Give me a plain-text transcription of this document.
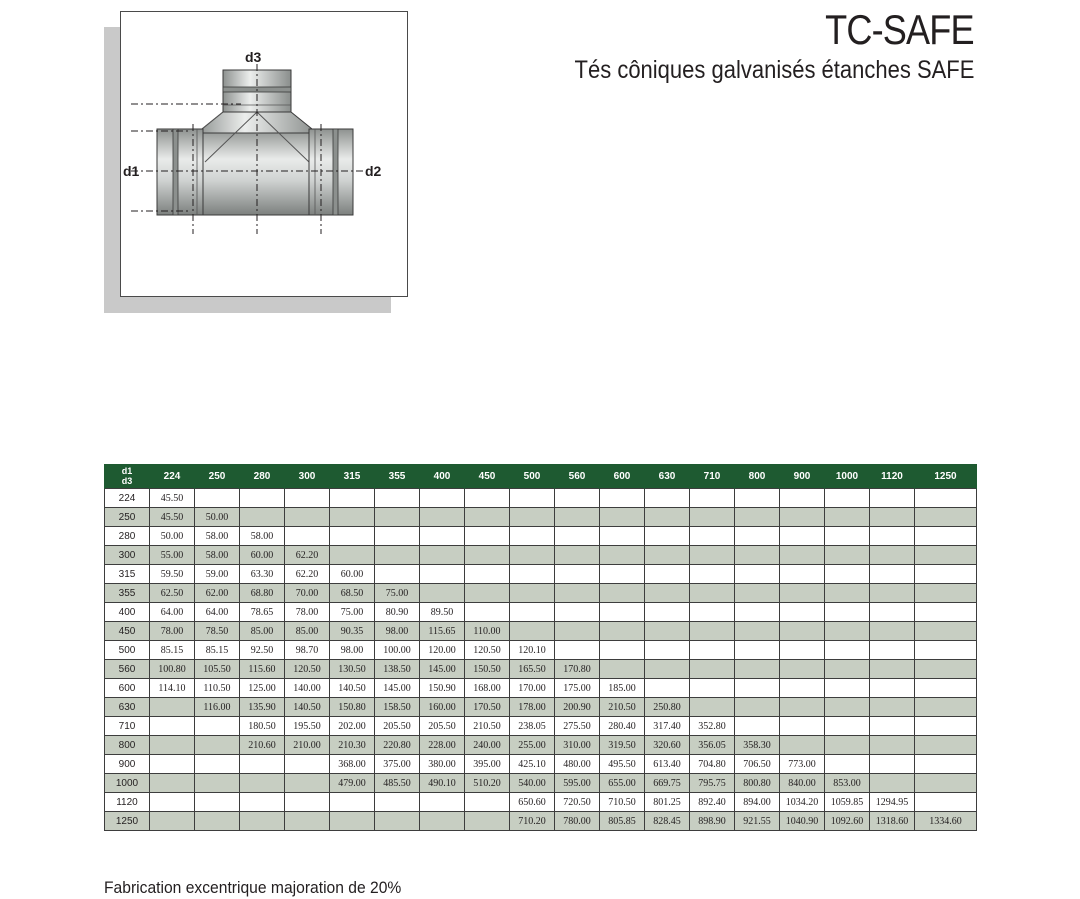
d3
d1	d2
TC-SAFE
Tés côniques galvanisés étanches SAFE
d1
d3	224	250	280	300	315	355	400	450	500	560	600	630	710	800	900	1000	1120	1250
224	45.50																	
250	45.50	50.00																
280	50.00	58.00	58.00															
300	55.00	58.00	60.00	62.20														
315	59.50	59.00	63.30	62.20	60.00													
355	62.50	62.00	68.80	70.00	68.50	75.00												
400	64.00	64.00	78.65	78.00	75.00	80.90	89.50											
450	78.00	78.50	85.00	85.00	90.35	98.00	115.65	110.00										
500	85.15	85.15	92.50	98.70	98.00	100.00	120.00	120.50	120.10									
560	100.80	105.50	115.60	120.50	130.50	138.50	145.00	150.50	165.50	170.80								
600	114.10	110.50	125.00	140.00	140.50	145.00	150.90	168.00	170.00	175.00	185.00							
630		116.00	135.90	140.50	150.80	158.50	160.00	170.50	178.00	200.90	210.50	250.80						
710			180.50	195.50	202.00	205.50	205.50	210.50	238.05	275.50	280.40	317.40	352.80					
800			210.60	210.00	210.30	220.80	228.00	240.00	255.00	310.00	319.50	320.60	356.05	358.30				
900					368.00	375.00	380.00	395.00	425.10	480.00	495.50	613.40	704.80	706.50	773.00			
1000					479.00	485.50	490.10	510.20	540.00	595.00	655.00	669.75	795.75	800.80	840.00	853.00		
1120									650.60	720.50	710.50	801.25	892.40	894.00	1034.20	1059.85	1294.95	
1250									710.20	780.00	805.85	828.45	898.90	921.55	1040.90	1092.60	1318.60	1334.60
Fabrication excentrique majoration de 20%
